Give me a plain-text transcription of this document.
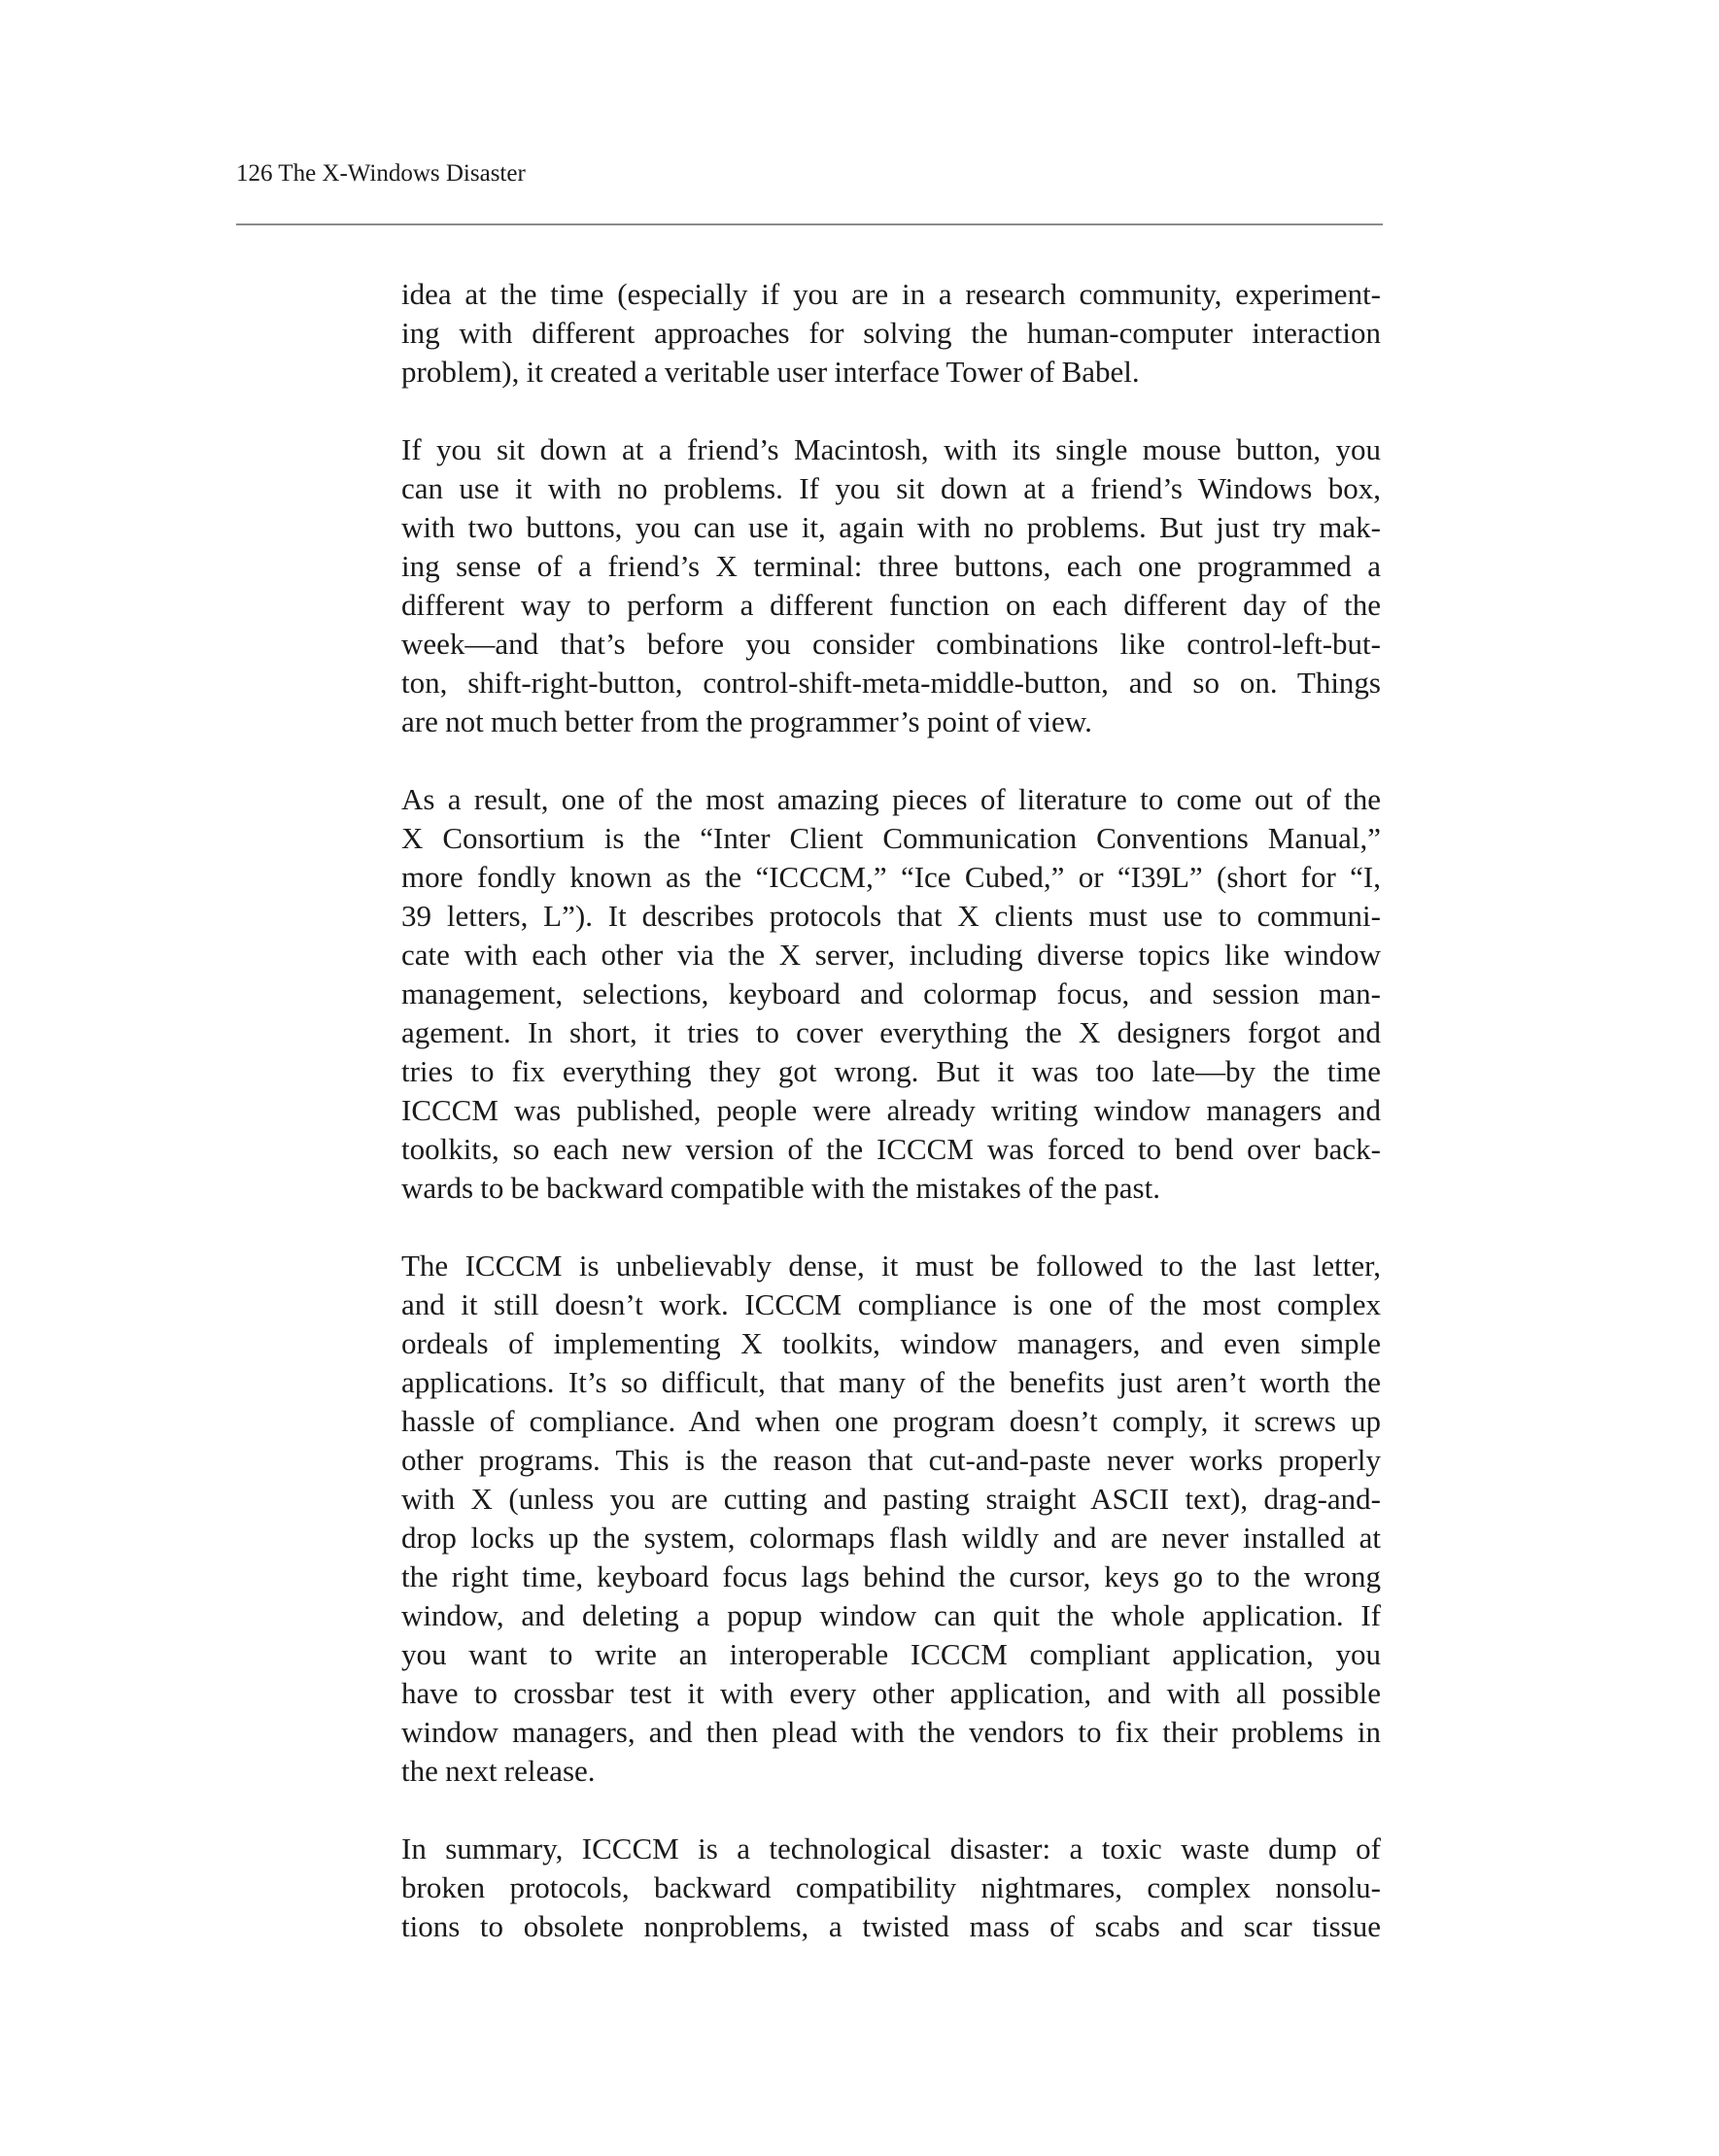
126 The X-Windows Disaster
idea at the time (especially if you are in a research community, experiment-
ing with different approaches for solving the human-computer interaction
problem), it created a veritable user interface Tower of Babel.
If you sit down at a friend’s Macintosh, with its single mouse button, you
can use it with no problems. If you sit down at a friend’s Windows box,
with two buttons, you can use it, again with no problems. But just try mak-
ing sense of a friend’s X terminal: three buttons, each one programmed a
different way to perform a different function on each different day of the
week—and that’s before you consider combinations like control-left-but-
ton, shift-right-button, control-shift-meta-middle-button, and so on. Things
are not much better from the programmer’s point of view.
As a result, one of the most amazing pieces of literature to come out of the
X Consortium is the “Inter Client Communication Conventions Manual,”
more fondly known as the “ICCCM,” “Ice Cubed,” or “I39L” (short for “I,
39 letters, L”). It describes protocols that X clients must use to communi-
cate with each other via the X server, including diverse topics like window
management, selections, keyboard and colormap focus, and session man-
agement. In short, it tries to cover everything the X designers forgot and
tries to fix everything they got wrong. But it was too late—by the time
ICCCM was published, people were already writing window managers and
toolkits, so each new version of the ICCCM was forced to bend over back-
wards to be backward compatible with the mistakes of the past.
The ICCCM is unbelievably dense, it must be followed to the last letter,
and it still doesn’t work. ICCCM compliance is one of the most complex
ordeals of implementing X toolkits, window managers, and even simple
applications. It’s so difficult, that many of the benefits just aren’t worth the
hassle of compliance. And when one program doesn’t comply, it screws up
other programs. This is the reason that cut-and-paste never works properly
with X (unless you are cutting and pasting straight ASCII text), drag-and-
drop locks up the system, colormaps flash wildly and are never installed at
the right time, keyboard focus lags behind the cursor, keys go to the wrong
window, and deleting a popup window can quit the whole application. If
you want to write an interoperable ICCCM compliant application, you
have to crossbar test it with every other application, and with all possible
window managers, and then plead with the vendors to fix their problems in
the next release.
In summary, ICCCM is a technological disaster: a toxic waste dump of
broken protocols, backward compatibility nightmares, complex nonsolu-
tions to obsolete nonproblems, a twisted mass of scabs and scar tissue
